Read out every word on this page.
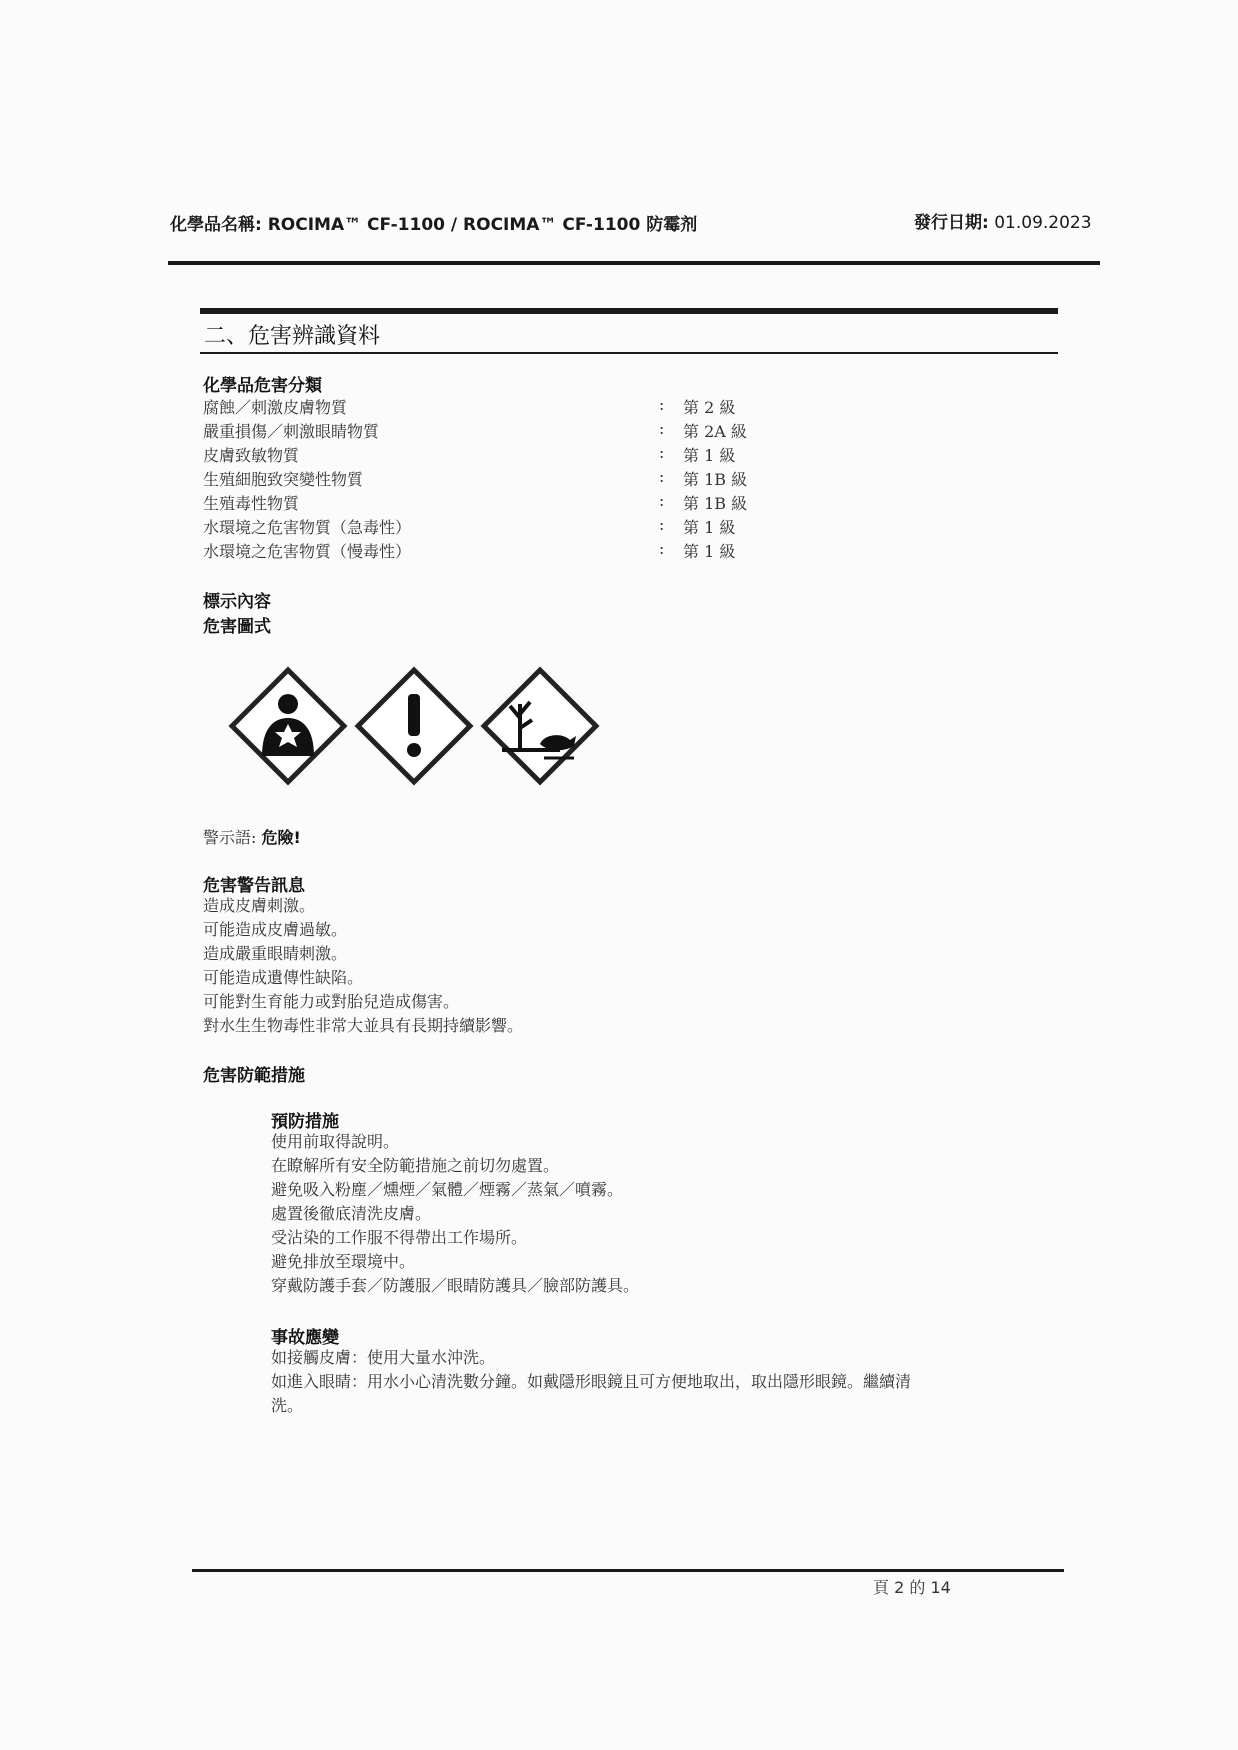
化學品名稱: ROCIMA™ CF-1100 / ROCIMA™ CF-1100 防霉剂	發行日期: 01.09.2023
二、危害辨識資料
化學品危害分類
腐蝕／刺激皮膚物質	: 第 2 級
嚴重損傷／刺激眼睛物質	: 第 2A 級
皮膚致敏物質	: 第 1 級
生殖細胞致突變性物質	: 第 1B 級
生殖毒性物質	: 第 1B 級
水環境之危害物質（急毒性）	: 第 1 級
水環境之危害物質（慢毒性）	: 第 1 級
標示內容
危害圖式
警示語: 危險!
危害警告訊息
造成皮膚刺激。
可能造成皮膚過敏。
造成嚴重眼睛刺激。
可能造成遺傳性缺陷。
可能對生育能力或對胎兒造成傷害。
對水生生物毒性非常大並具有長期持續影響。
危害防範措施
預防措施
使用前取得說明。
在瞭解所有安全防範措施之前切勿處置。
避免吸入粉塵／燻煙／氣體／煙霧／蒸氣／噴霧。
處置後徹底清洗皮膚。
受沾染的工作服不得帶出工作場所。
避免排放至環境中。
穿戴防護手套／防護服／眼睛防護具／臉部防護具。
事故應變
如接觸皮膚：使用大量水沖洗。
如進入眼睛：用水小心清洗數分鐘。如戴隱形眼鏡且可方便地取出，取出隱形眼鏡。繼續清
洗。
頁 2 的 14
